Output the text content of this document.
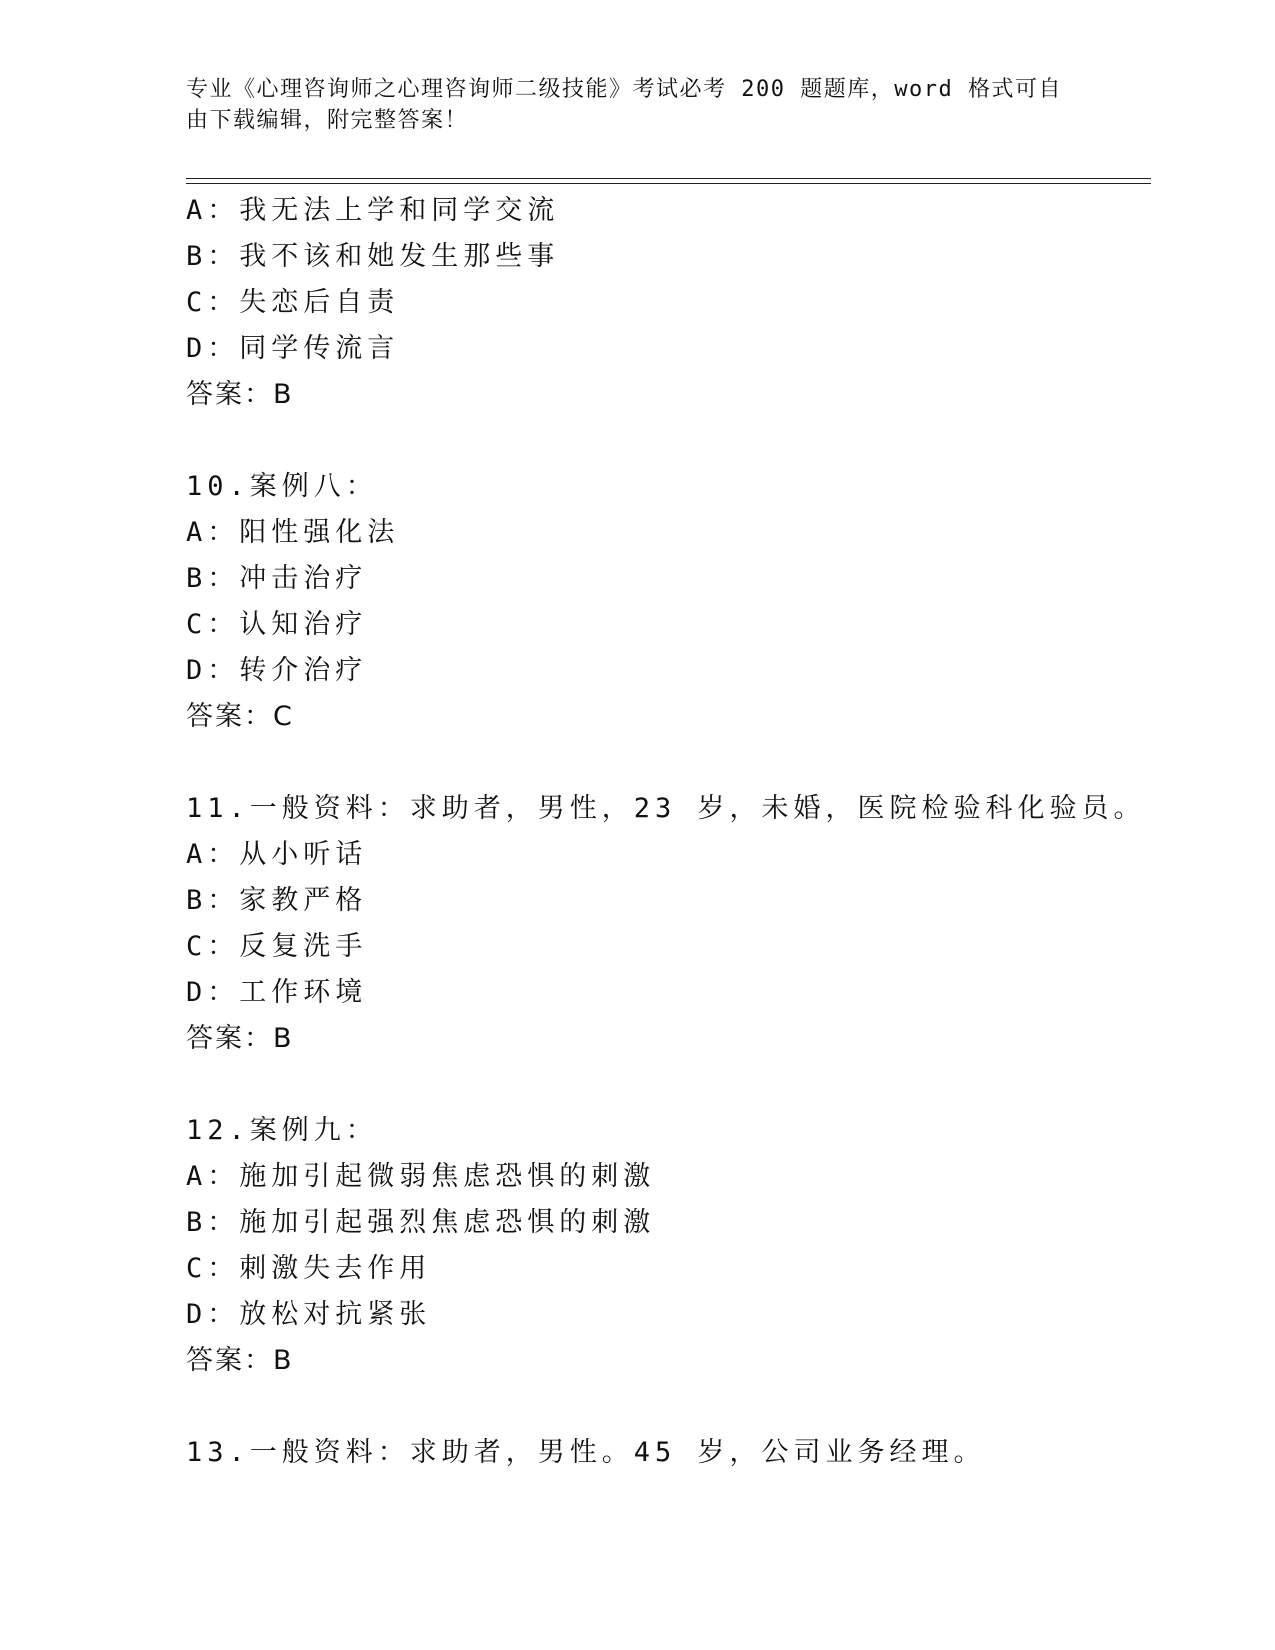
专业《心理咨询师之心理咨询师二级技能》考试必考 200 题题库，word 格式可自
由下载编辑，附完整答案！
A：我无法上学和同学交流
B：我不该和她发生那些事
C：失恋后自责
D：同学传流言
答案：B
10.案例八：
A：阳性强化法
B：冲击治疗
C：认知治疗
D：转介治疗
答案：C
11.一般资料：求助者，男性，23 岁，未婚，医院检验科化验员。
A：从小听话
B：家教严格
C：反复洗手
D：工作环境
答案：B
12.案例九：
A：施加引起微弱焦虑恐惧的刺激
B：施加引起强烈焦虑恐惧的刺激
C：刺激失去作用
D：放松对抗紧张
答案：B
13.一般资料：求助者，男性。45 岁，公司业务经理。
